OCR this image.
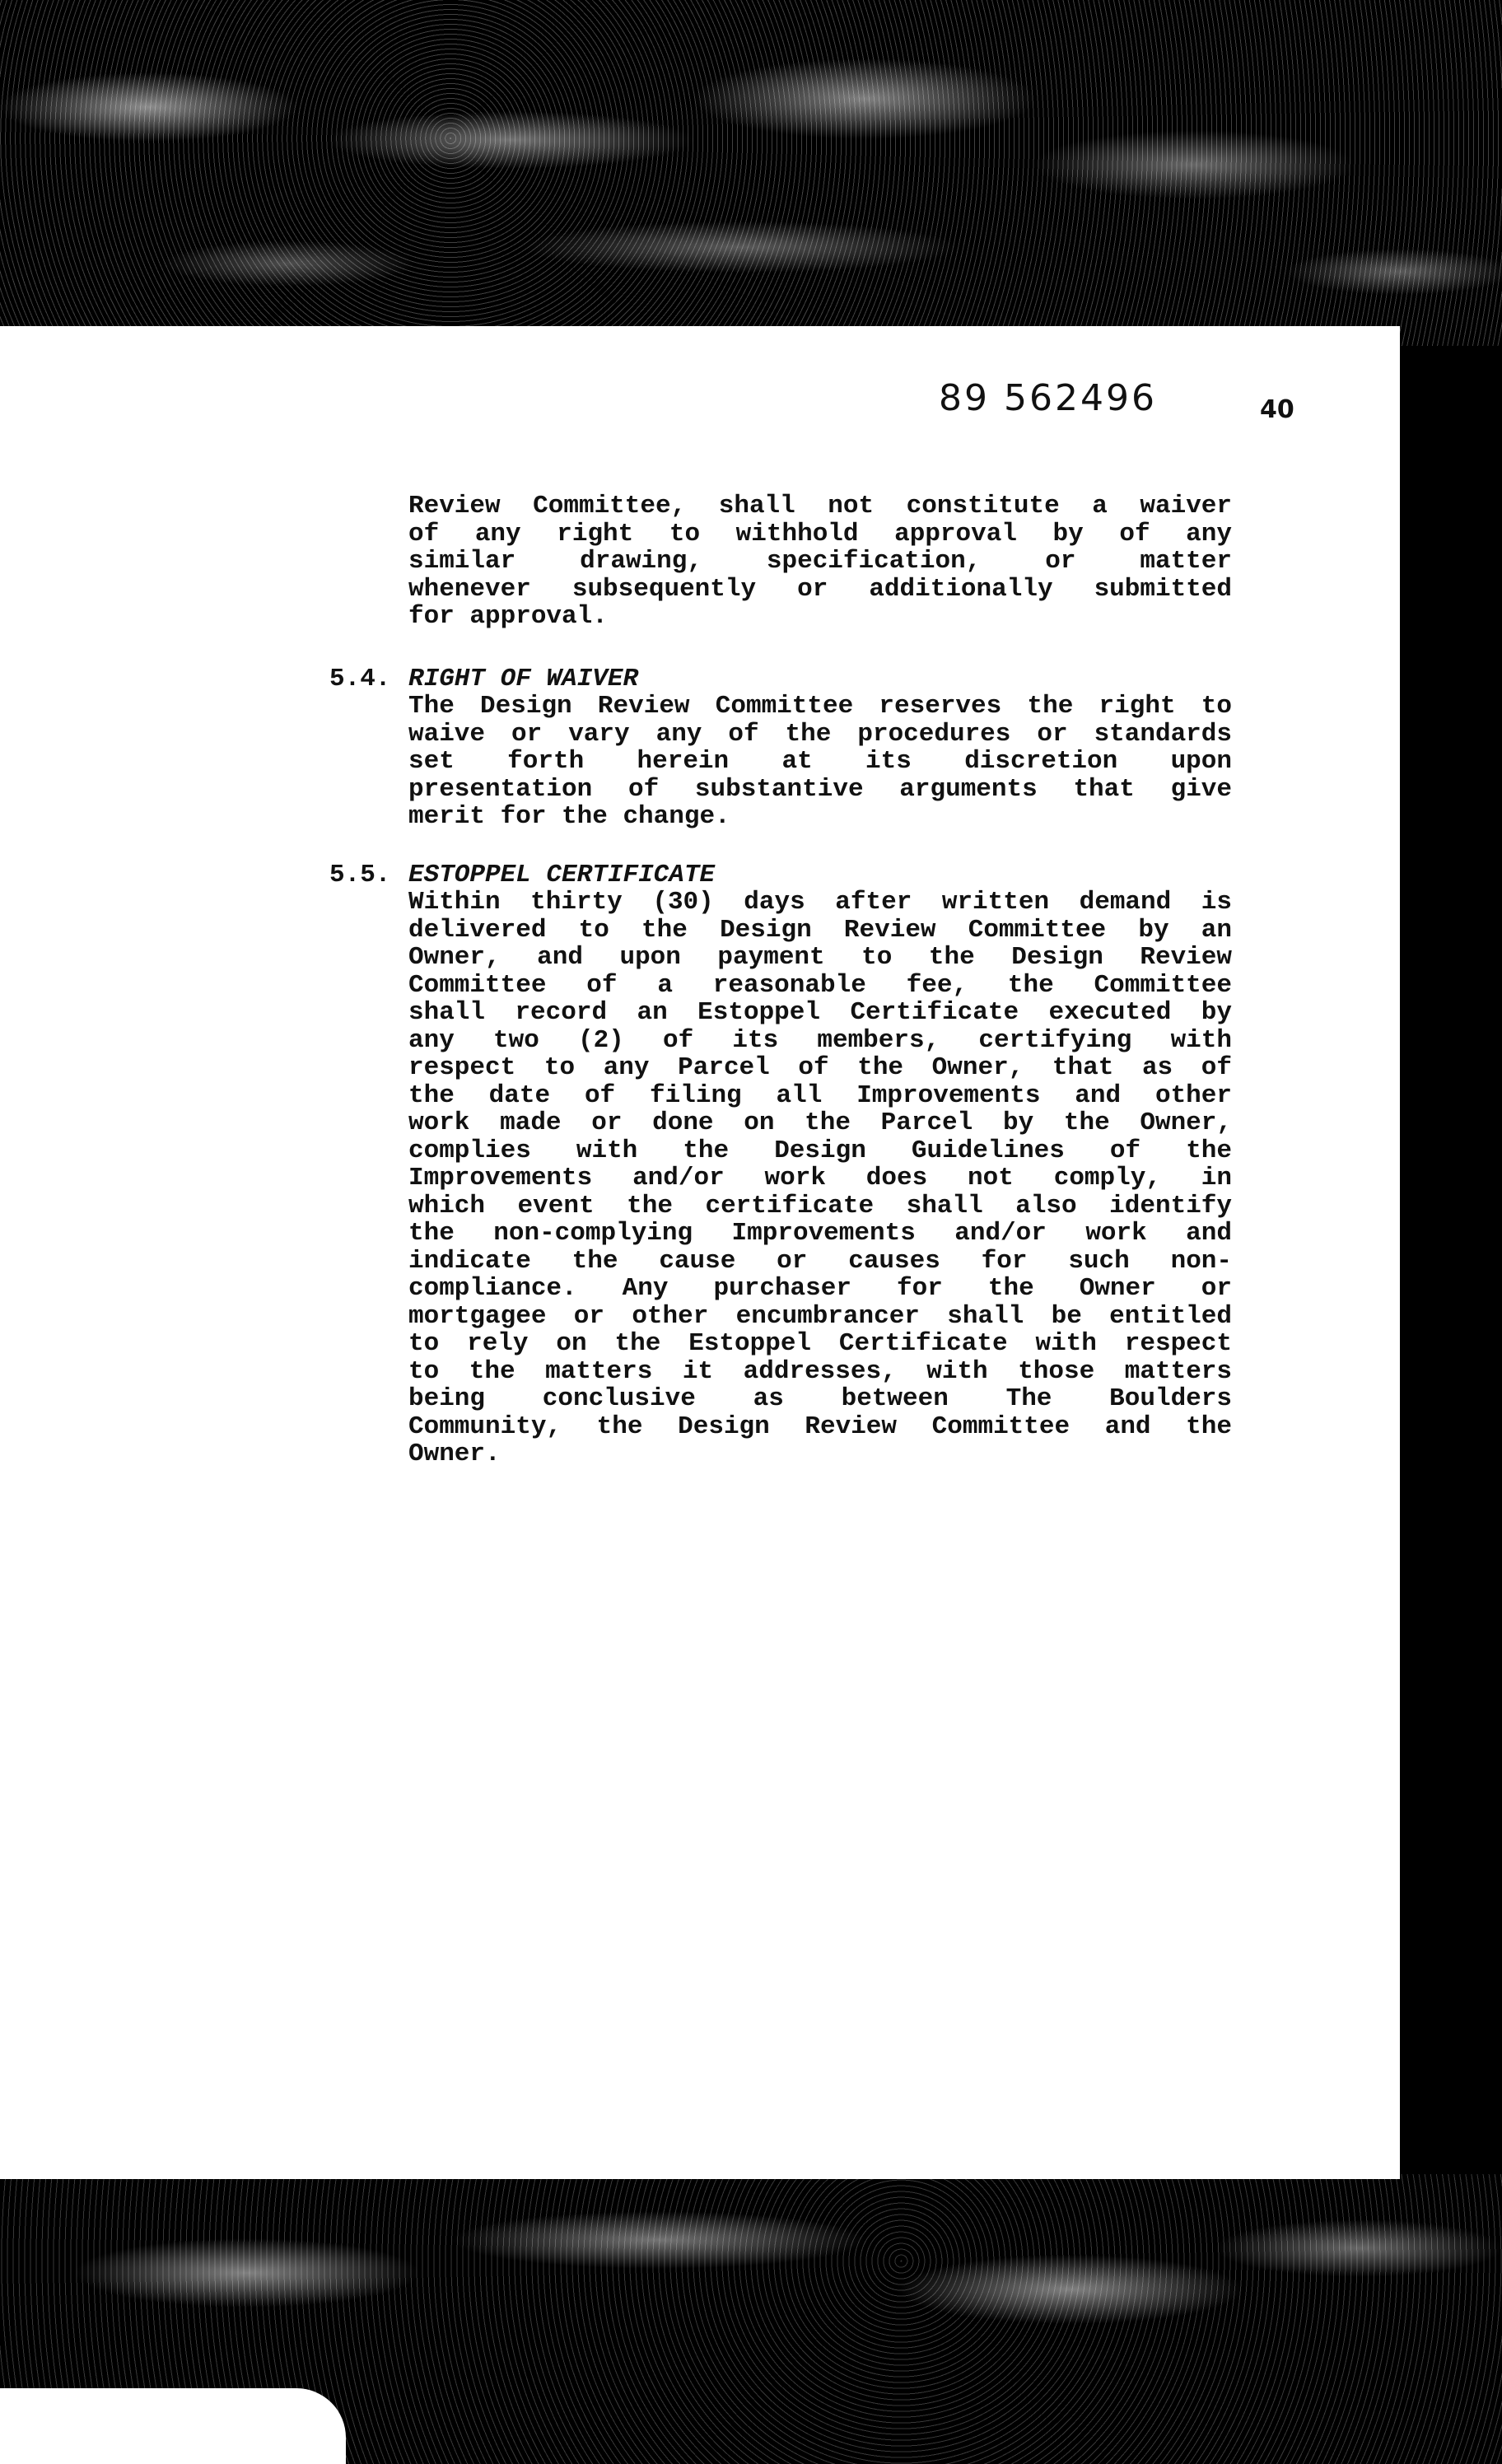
89 562496	40
Review Committee, shall not constitute a waiver
of any right to withhold approval by of any
similar drawing, specification, or matter
whenever subsequently or additionally submitted
for approval.
5.4. RIGHT OF WAIVER
The Design Review Committee reserves the right to
waive or vary any of the procedures or standards
set forth herein at its discretion upon
presentation of substantive arguments that give
merit for the change.
5.5. ESTOPPEL CERTIFICATE
Within thirty (30) days after written demand is
delivered to the Design Review Committee by an
Owner, and upon payment to the Design Review
Committee of a reasonable fee, the Committee
shall record an Estoppel Certificate executed by
any two (2) of its members, certifying with
respect to any Parcel of the Owner, that as of
the date of filing all Improvements and other
work made or done on the Parcel by the Owner,
complies with the Design Guidelines of the
Improvements and/or work does not comply, in
which event the certificate shall also identify
the non-complying Improvements and/or work and
indicate the cause or causes for such non-
compliance. Any purchaser for the Owner or
mortgagee or other encumbrancer shall be entitled
to rely on the Estoppel Certificate with respect
to the matters it addresses, with those matters
being conclusive as between The Boulders
Community, the Design Review Committee and the
Owner.
